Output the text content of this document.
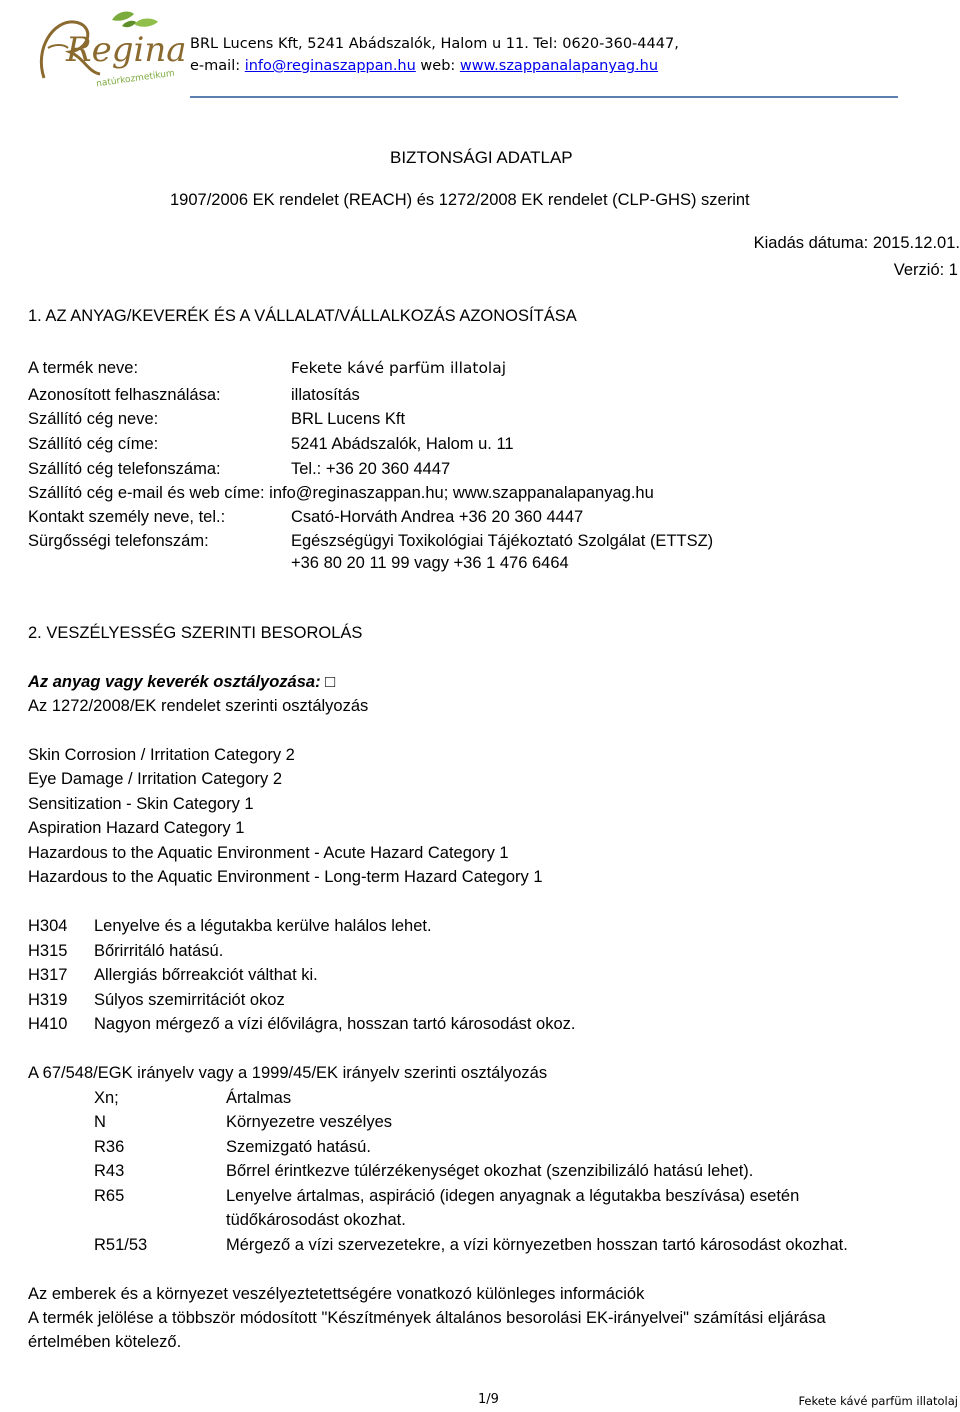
Regina
natúrkozmetikum
BRL Lucens Kft, 5241 Abádszalók, Halom u 11. Tel: 0620-360-4447,
e-mail: info@reginaszappan.hu web: www.szappanalapanyag.hu
BIZTONSÁGI ADATLAP
1907/2006 EK rendelet (REACH) és 1272/2008 EK rendelet (CLP-GHS) szerint
Kiadás dátuma: 2015.12.01.
Verzió: 1
1. AZ ANYAG/KEVERÉK ÉS A VÁLLALAT/VÁLLALKOZÁS AZONOSÍTÁSA
A termék neve:	Fekete kávé parfüm illatolaj
Azonosított felhasználása:	illatosítás
Szállító cég neve:	BRL Lucens Kft
Szállító cég címe:	5241 Abádszalók, Halom u. 11
Szállító cég telefonszáma:	Tel.: +36 20 360 4447
Szállító cég e-mail és web címe: info@reginaszappan.hu; www.szappanalapanyag.hu
Kontakt személy neve, tel.:	Csató-Horváth Andrea +36 20 360 4447
Sürgősségi telefonszám:	Egészségügyi Toxikológiai Tájékoztató Szolgálat (ETTSZ)
+36 80 20 11 99 vagy +36 1 476 6464
2. VESZÉLYESSÉG SZERINTI BESOROLÁS
Az anyag vagy keverék osztályozása: □
Az 1272/2008/EK rendelet szerinti osztályozás
Skin Corrosion / Irritation Category 2
Eye Damage / Irritation Category 2
Sensitization - Skin Category 1
Aspiration Hazard Category 1
Hazardous to the Aquatic Environment - Acute Hazard Category 1
Hazardous to the Aquatic Environment - Long-term Hazard Category 1
H304 Lenyelve és a légutakba kerülve halálos lehet.
H315 Bőrirritáló hatású.
H317 Allergiás bőrreakciót válthat ki.
H319 Súlyos szemirritációt okoz
H410 Nagyon mérgező a vízi élővilágra, hosszan tartó károsodást okoz.
A 67/548/EGK irányelv vagy a 1999/45/EK irányelv szerinti osztályozás
Xn;	Ártalmas
N	Környezetre veszélyes
R36	Szemizgató hatású.
R43	Bőrrel érintkezve túlérzékenységet okozhat (szenzibilizáló hatású lehet).
R65	Lenyelve ártalmas, aspiráció (idegen anyagnak a légutakba beszívása) esetén
tüdőkárosodást okozhat.
R51/53	Mérgező a vízi szervezetekre, a vízi környezetben hosszan tartó károsodást okozhat.
Az emberek és a környezet veszélyeztetettségére vonatkozó különleges információk
A termék jelölése a többször módosított "Készítmények általános besorolási EK-irányelvei" számítási eljárása
értelmében kötelező.
1/9	Fekete kávé parfüm illatolaj
